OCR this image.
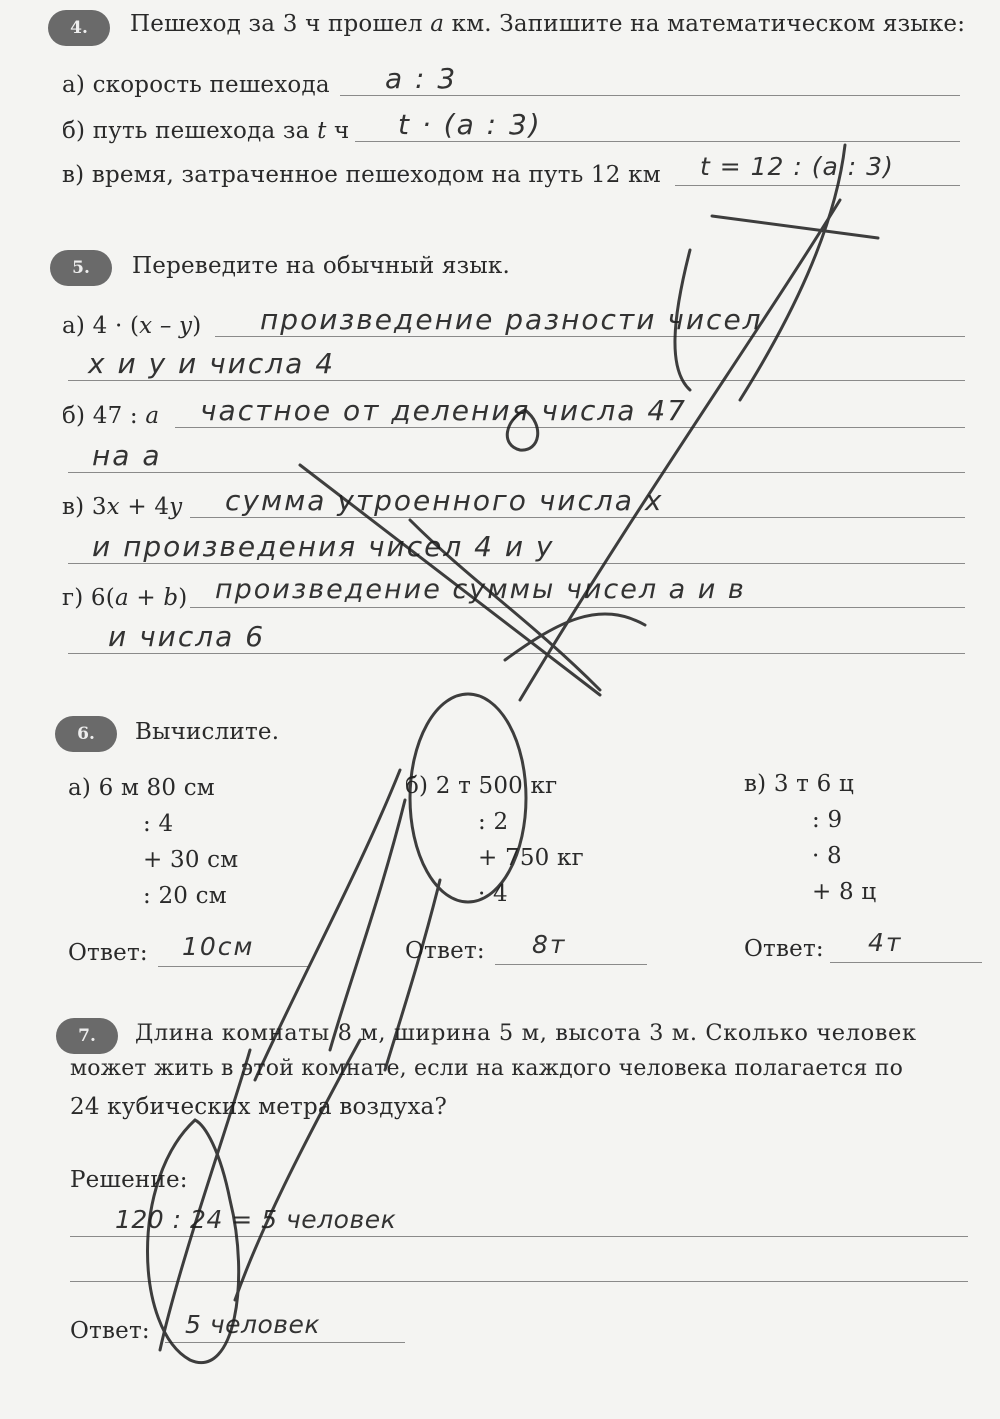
4.	Пешеход за 3 ч прошел a км. Запишите на математическом языке:
а) скорость пешехода a : 3
б) путь пешехода за t ч t · (a : 3)
в) время, затраченное пешеходом на путь 12 км t = 12 : (a : 3)
5.	Переведите на обычный язык.
а) 4 · (x – y) произведение разности чисел
x и y и числа 4
б) 47 : a частное от деления числа 47
на a
в) 3x + 4y сумма утроенного числа x
и произведения чисел 4 и y
г) 6(a + b) произведение суммы чисел a и в
и числа 6
6.	Вычислите.
а) 6 м 80 см
: 4
+ 30 см
: 20 см
б) 2 т 500 кг
: 2
+ 750 кг
· 4
в) 3 т 6 ц
: 9
· 8
+ 8 ц
Ответ: 10см	Ответ: 8т	Ответ: 4т
7.	Длина комнаты 8 м, ширина 5 м, высота 3 м. Сколько человек
может жить в этой комнате, если на каждого человека полагается по
24 кубических метра воздуха?
Решение:
120 : 24 = 5 человек
Ответ: 5 человек
